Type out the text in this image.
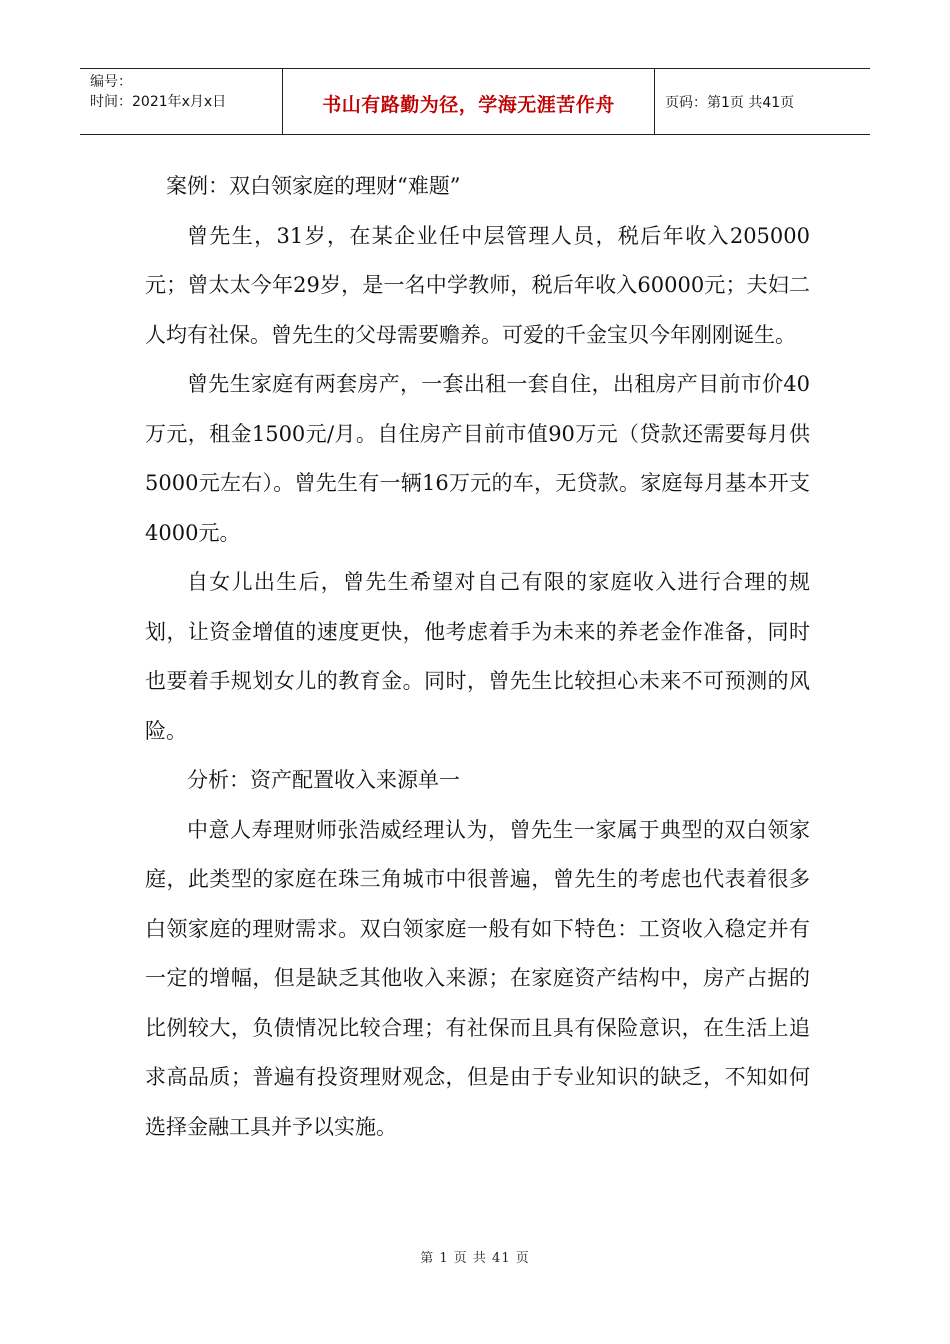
编号：
时间：2021年x月x日	书山有路勤为径，学海无涯苦作舟	页码：第1页 共41页

案例：双白领家庭的理财“难题”

曾先生，31岁，在某企业任中层管理人员，税后年收入205000元；曾太太今年29岁，是一名中学教师，税后年收入60000元；夫妇二人均有社保。曾先生的父母需要赡养。可爱的千金宝贝今年刚刚诞生。

曾先生家庭有两套房产，一套出租一套自住，出租房产目前市价40万元，租金1500元/月。自住房产目前市值90万元（贷款还需要每月供5000元左右）。曾先生有一辆16万元的车，无贷款。家庭每月基本开支4000元。

自女儿出生后，曾先生希望对自己有限的家庭收入进行合理的规划，让资金增值的速度更快，他考虑着手为未来的养老金作准备，同时也要着手规划女儿的教育金。同时，曾先生比较担心未来不可预测的风险。

分析：资产配置收入来源单一

中意人寿理财师张浩威经理认为，曾先生一家属于典型的双白领家庭，此类型的家庭在珠三角城市中很普遍，曾先生的考虑也代表着很多白领家庭的理财需求。双白领家庭一般有如下特色：工资收入稳定并有一定的增幅，但是缺乏其他收入来源；在家庭资产结构中，房产占据的比例较大，负债情况比较合理；有社保而且具有保险意识，在生活上追求高品质；普遍有投资理财观念，但是由于专业知识的缺乏，不知如何选择金融工具并予以实施。

第 1 页 共 41 页
